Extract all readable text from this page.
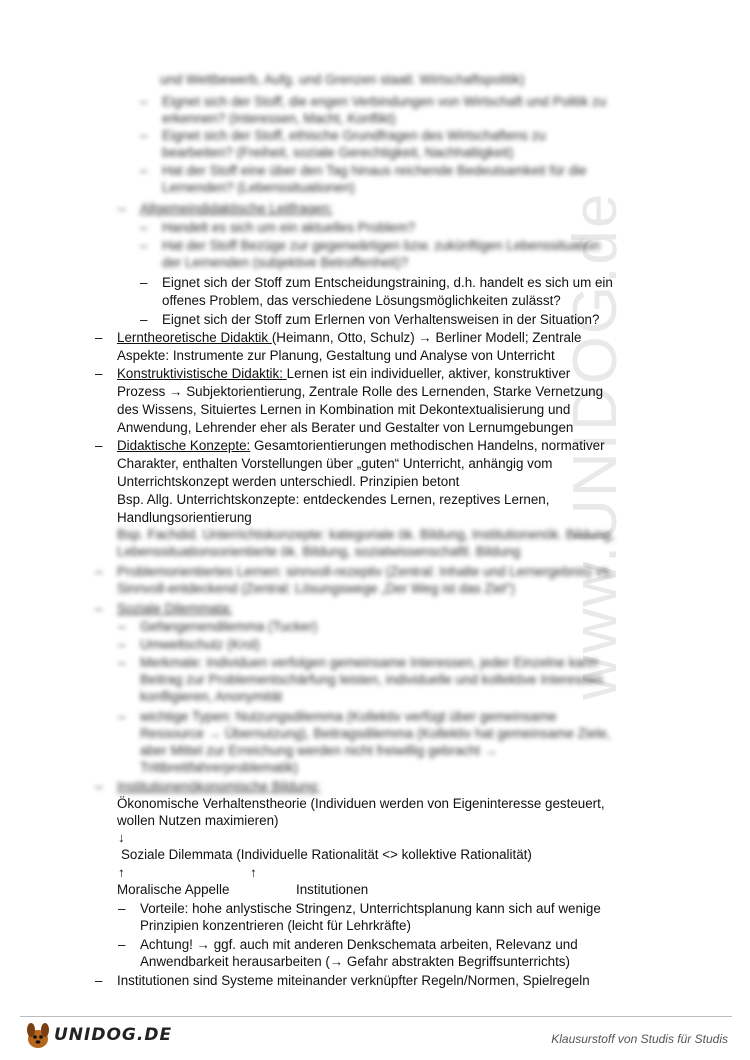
www.UNIDOG.de
und Wettbewerb, Aufg. und Grenzen staatl. Wirtschaftspolitik)
– Eignet sich der Stoff, die engen Verbindungen von Wirtschaft und Politik zu
erkennen? (Interessen, Macht, Konflikt)
– Eignet sich der Stoff, ethische Grundfragen des Wirtschaftens zu
bearbeiten? (Freiheit, soziale Gerechtigkeit, Nachhaltigkeit)
– Hat der Stoff eine über den Tag hinaus reichende Bedeutsamkeit für die
Lernenden? (Lebenssituationen)
– Allgemeindidaktische Leitfragen:
– Handelt es sich um ein aktuelles Problem?
– Hat der Stoff Bezüge zur gegenwärtigen bzw. zukünftigen Lebenssituation
der Lernenden (subjektive Betroffenheit)?
– Eignet sich der Stoff zum Entscheidungstraining, d.h. handelt es sich um ein
offenes Problem, das verschiedene Lösungsmöglichkeiten zulässt?
– Eignet sich der Stoff zum Erlernen von Verhaltensweisen in der Situation?
– Lerntheoretische Didaktik (Heimann, Otto, Schulz) → Berliner Modell; Zentrale
Aspekte: Instrumente zur Planung, Gestaltung und Analyse von Unterricht
– Konstruktivistische Didaktik: Lernen ist ein individueller, aktiver, konstruktiver
Prozess → Subjektorientierung, Zentrale Rolle des Lernenden, Starke Vernetzung
des Wissens, Situiertes Lernen in Kombination mit Dekontextualisierung und
Anwendung, Lehrender eher als Berater und Gestalter von Lernumgebungen
– Didaktische Konzepte: Gesamtorientierungen methodischen Handelns, normativer
Charakter, enthalten Vorstellungen über „guten“ Unterricht, anhängig vom
Unterrichtskonzept werden unterschiedl. Prinzipien betont
Bsp. Allg. Unterrichtskonzepte: entdeckendes Lernen, rezeptives Lernen,
Handlungsorientierung
Bsp. Fachdid. Unterrichtskonzepte: kategoriale ök. Bildung, Institutionenök. Bildung,
Lebenssituationsorientierte ök. Bildung, sozialwissenschaftl. Bildung
– Problemorientiertes Lernen: sinnvoll-rezeptiv (Zentral: Inhalte und Lernergebnis) vs.
Sinnvoll-entdeckend (Zentral: Lösungswege „Der Weg ist das Ziel“)
– Soziale Dilemmata:
– Gefangenendilemma (Tucker)
– Umweltschutz (Krol)
– Merkmale: Individuen verfolgen gemeinsame Interessen, jeder Einzelne kann
Beitrag zur Problementschärfung leisten, individuelle und kollektive Interessen
konfligieren, Anonymität
– wichtige Typen: Nutzungsdilemma (Kollektiv verfügt über gemeinsame
Ressource → Übernutzung), Beitragsdilemma (Kollektiv hat gemeinsame Ziele,
aber Mittel zur Erreichung werden nicht freiwillig gebracht →
Trittbrettfahrerproblematik)
– Institutionenökonomische Bildung:
Ökonomische Verhaltenstheorie (Individuen werden von Eigeninteresse gesteuert,
wollen Nutzen maximieren)
↓
Soziale Dilemmata (Individuelle Rationalität <> kollektive Rationalität)
↑	↑
Moralische Appelle	Institutionen
– Vorteile: hohe anlystische Stringenz, Unterrichtsplanung kann sich auf wenige
Prinzipien konzentrieren (leicht für Lehrkräfte)
– Achtung! → ggf. auch mit anderen Denkschemata arbeiten, Relevanz und
Anwendbarkeit herausarbeiten (→ Gefahr abstrakten Begriffsunterrichts)
– Institutionen sind Systeme miteinander verknüpfter Regeln/Normen, Spielregeln
UNIDOG.DE	Klausurstoff von Studis für Studis
